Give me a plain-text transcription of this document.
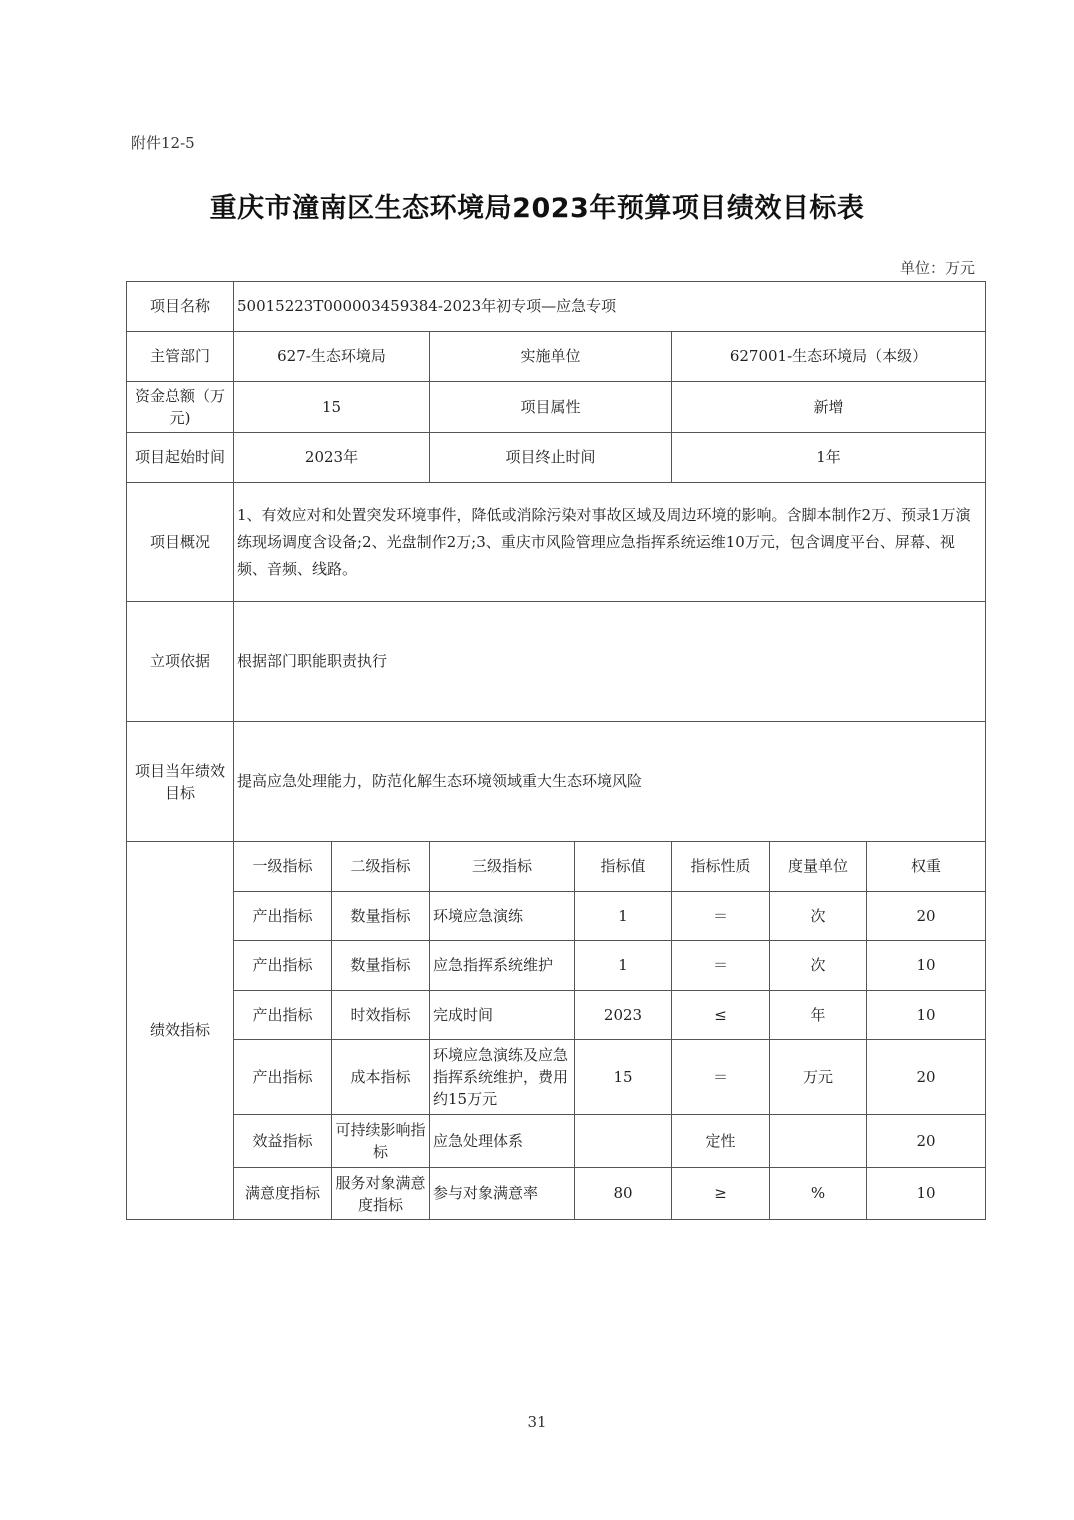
附件12-5
重庆市潼南区生态环境局2023年预算项目绩效目标表
单位：万元
项目名称	50015223T000003459384-2023年初专项—应急专项						
主管部门	627-生态环境局		实施单位		627001-生态环境局（本级）		
资金总额（万元)	15		项目属性		新增		
项目起始时间	2023年		项目终止时间		1年		
项目概况	1、有效应对和处置突发环境事件，降低或消除污染对事故区域及周边环境的影响。含脚本制作2万、预录1万演练现场调度含设备;2、光盘制作2万;3、重庆市风险管理应急指挥系统运维10万元，包含调度平台、屏幕、视频、音频、线路。						
立项依据	根据部门职能职责执行						
项目当年绩效目标	提高应急处理能力，防范化解生态环境领域重大生态环境风险						
绩效指标	一级指标	二级指标	三级指标	指标值	指标性质	度量单位	权重
	产出指标	数量指标	环境应急演练	1	＝	次	20
	产出指标	数量指标	应急指挥系统维护	1	＝	次	10
	产出指标	时效指标	完成时间	2023	≤	年	10
	产出指标	成本指标	环境应急演练及应急指挥系统维护，费用约15万元	15	＝	万元	20
	效益指标	可持续影响指标	应急处理体系		定性		20
	满意度指标	服务对象满意度指标	参与对象满意率	80	≥	%	10
31
